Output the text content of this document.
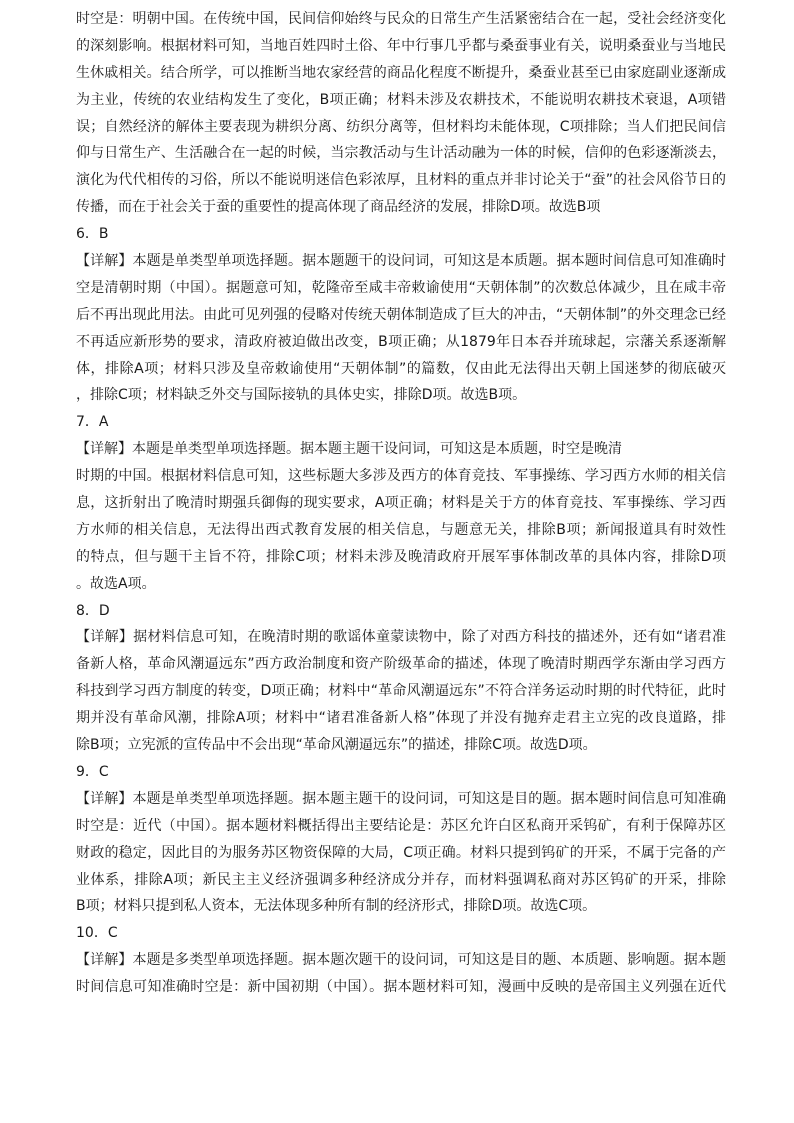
时空是：明朝中国。在传统中国，民间信仰始终与民众的日常生产生活紧密结合在一起，受社会经济变化
的深刻影响。根据材料可知，当地百姓四时土俗、年中行事几乎都与桑蚕事业有关，说明桑蚕业与当地民
生休戚相关。结合所学，可以推断当地农家经营的商品化程度不断提升，桑蚕业甚至已由家庭副业逐渐成
为主业，传统的农业结构发生了变化，B项正确；材料未涉及农耕技术，不能说明农耕技术衰退，A项错
误；自然经济的解体主要表现为耕织分离、纺织分离等，但材料均未能体现，C项排除；当人们把民间信
仰与日常生产、生活融合在一起的时候，当宗教活动与生计活动融为一体的时候，信仰的色彩逐渐淡去，
演化为代代相传的习俗，所以不能说明迷信色彩浓厚，且材料的重点并非讨论关于“蚕”的社会风俗节日的
传播，而在于社会关于蚕的重要性的提高体现了商品经济的发展，排除D项。故选B项
6．B
【详解】本题是单类型单项选择题。据本题题干的设问词，可知这是本质题。据本题时间信息可知准确时
空是清朝时期（中国）。据题意可知，乾隆帝至咸丰帝敕谕使用“天朝体制”的次数总体减少，且在咸丰帝
后不再出现此用法。由此可见列强的侵略对传统天朝体制造成了巨大的冲击，“天朝体制”的外交理念已经
不再适应新形势的要求，清政府被迫做出改变，B项正确；从1879年日本吞并琉球起，宗藩关系逐渐解
体，排除A项；材料只涉及皇帝敕谕使用“天朝体制”的篇数，仅由此无法得出天朝上国迷梦的彻底破灭
，排除C项；材料缺乏外交与国际接轨的具体史实，排除D项。故选B项。
7．A
【详解】本题是单类型单项选择题。据本题主题干设问词，可知这是本质题，时空是晚清
时期的中国。根据材料信息可知，这些标题大多涉及西方的体育竞技、军事操练、学习西方水师的相关信
息，这折射出了晚清时期强兵御侮的现实要求，A项正确；材料是关于方的体育竞技、军事操练、学习西
方水师的相关信息，无法得出西式教育发展的相关信息，与题意无关，排除B项；新闻报道具有时效性
的特点，但与题干主旨不符，排除C项；材料未涉及晚清政府开展军事体制改革的具体内容，排除D项
。故选A项。
8．D
【详解】据材料信息可知，在晚清时期的歌谣体童蒙读物中，除了对西方科技的描述外，还有如“诸君准
备新人格，革命风潮逼远东”西方政治制度和资产阶级革命的描述，体现了晚清时期西学东渐由学习西方
科技到学习西方制度的转变，D项正确；材料中“革命风潮逼远东”不符合洋务运动时期的时代特征，此时
期并没有革命风潮，排除A项；材料中“诸君准备新人格”体现了并没有抛弃走君主立宪的改良道路，排
除B项；立宪派的宣传品中不会出现“革命风潮逼远东”的描述，排除C项。故选D项。
9．C
【详解】本题是单类型单项选择题。据本题主题干的设问词，可知这是目的题。据本题时间信息可知准确
时空是：近代（中国）。据本题材料概括得出主要结论是：苏区允许白区私商开采钨矿，有利于保障苏区
财政的稳定，因此目的为服务苏区物资保障的大局，C项正确。材料只提到钨矿的开采，不属于完备的产
业体系，排除A项；新民主主义经济强调多种经济成分并存，而材料强调私商对苏区钨矿的开采，排除
B项；材料只提到私人资本，无法体现多种所有制的经济形式，排除D项。故选C项。
10．C
【详解】本题是多类型单项选择题。据本题次题干的设问词，可知这是目的题、本质题、影响题。据本题
时间信息可知准确时空是：新中国初期（中国）。据本题材料可知，漫画中反映的是帝国主义列强在近代
